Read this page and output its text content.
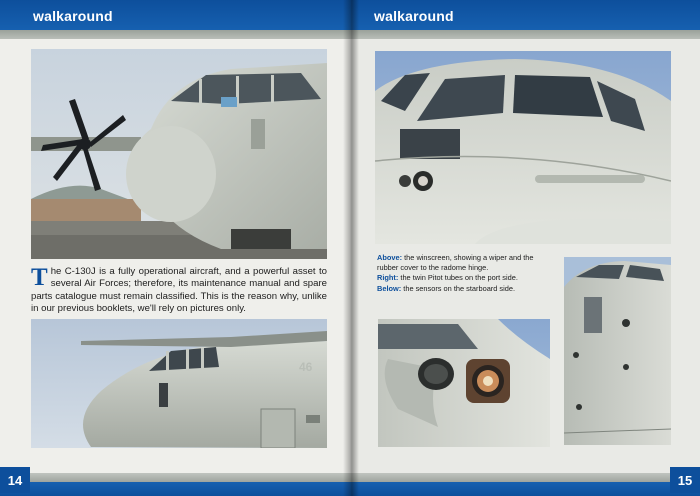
walkaround

The C-130J is a fully operational aircraft, and a powerful asset to several Air Forces; therefore, its maintenance manual and spare parts catalogue must remain classified. This is the reason why, unlike in our previous booklets, we'll rely on pictures only.

46
14
walkaround
Above: the winscreen, showing a wiper and the rubber cover to the radome hinge.
Right: the twin Pitot tubes on the port side.
Below: the sensors on the starboard side.
15
